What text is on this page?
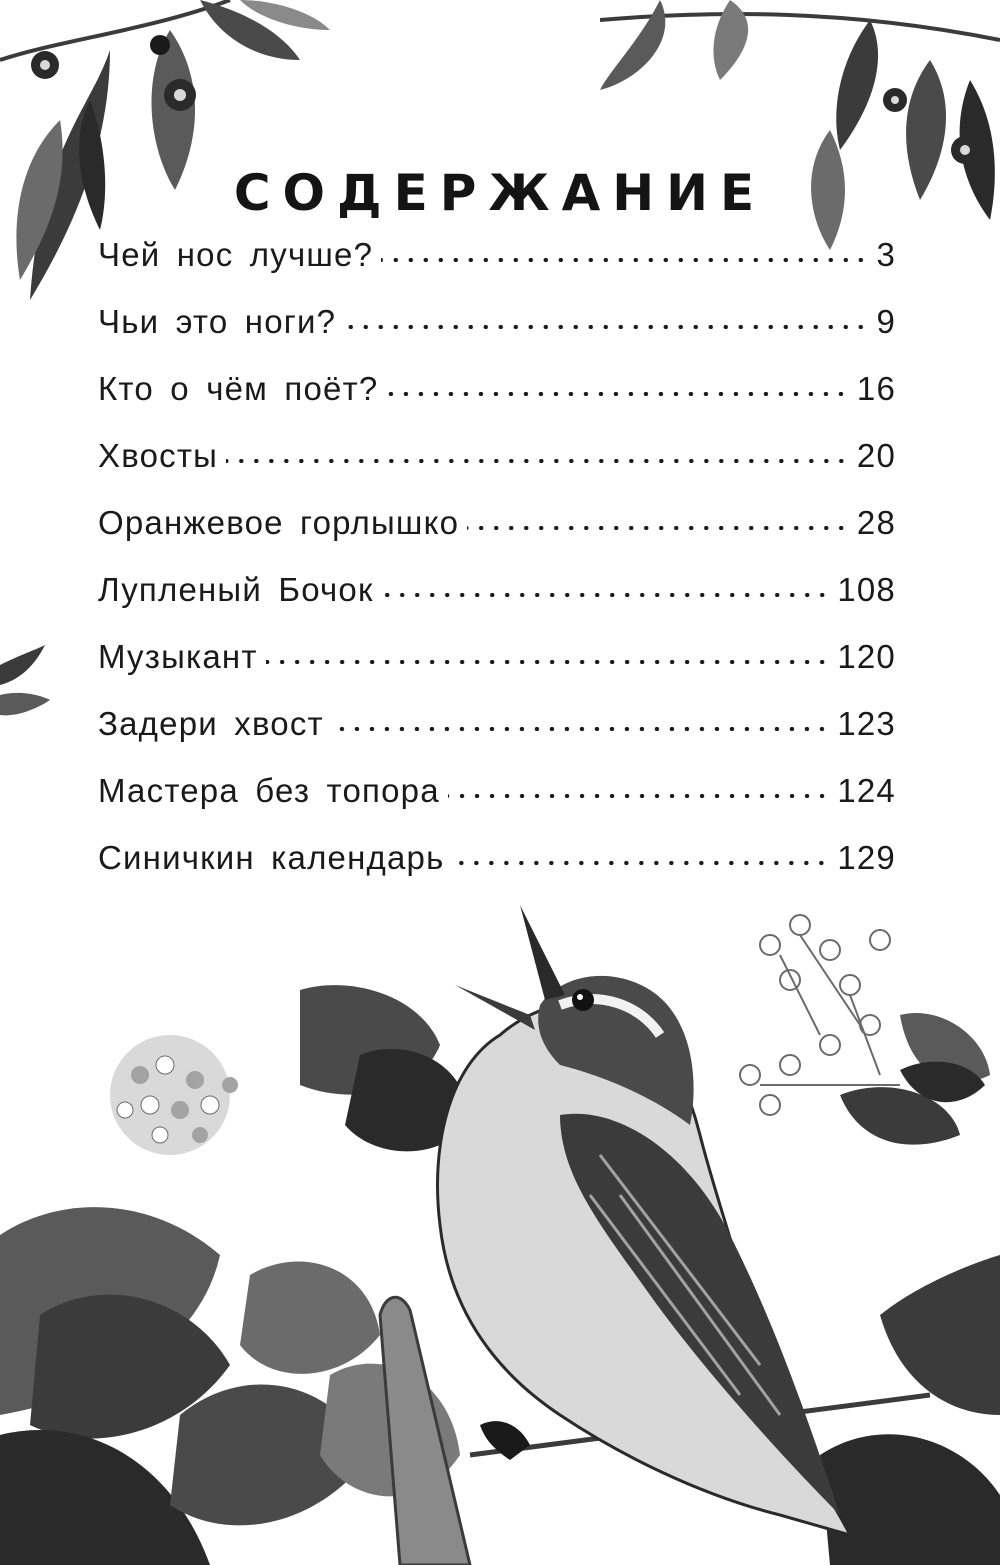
СОДЕРЖАНИЕ
Чей нос лучше?	3
Чьи это ноги?	9
Кто о чём поёт?	16
Хвосты	20
Оранжевое горлышко	28
Лупленый Бочок	108
Музыкант	120
Задери хвост	123
Мастера без топора	124
Синичкин календарь	129
